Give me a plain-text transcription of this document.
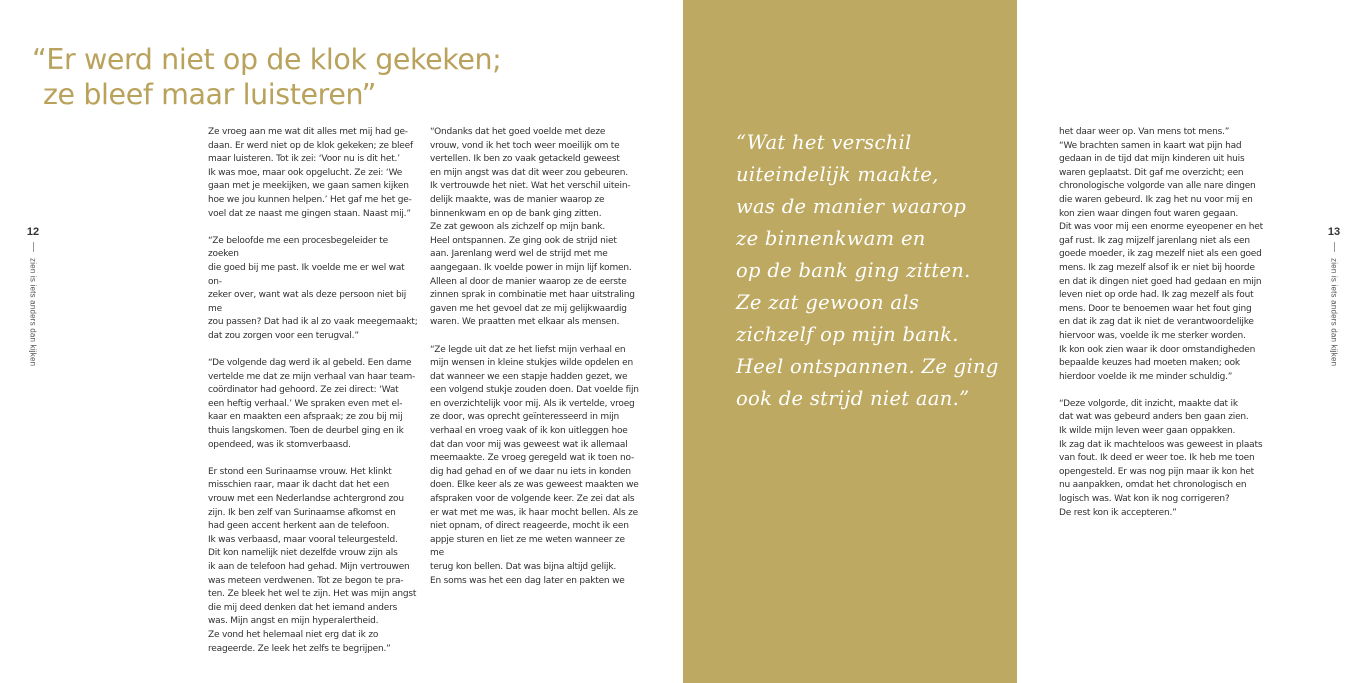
“Er werd niet op de klok gekeken;
ze bleef maar luisteren”
12
zien is iets anders dan kijken

Ze vroeg aan me wat dit alles met mij had ge-
daan. Er werd niet op de klok gekeken; ze bleef
maar luisteren. Tot ik zei: ‘Voor nu is dit het.’
Ik was moe, maar ook opgelucht. Ze zei: ‘We
gaan met je meekijken, we gaan samen kijken
hoe we jou kunnen helpen.’ Het gaf me het ge-
voel dat ze naast me gingen staan. Naast mij.”

“Ze beloofde me een procesbegeleider te zoeken
die goed bij me past. Ik voelde me er wel wat on-
zeker over, want wat als deze persoon niet bij me
zou passen? Dat had ik al zo vaak meegemaakt;
dat zou zorgen voor een terugval.”

“De volgende dag werd ik al gebeld. Een dame
vertelde me dat ze mijn verhaal van haar team-
coördinator had gehoord. Ze zei direct: ‘Wat
een heftig verhaal.’ We spraken even met el-
kaar en maakten een afspraak; ze zou bij mij
thuis langskomen. Toen de deurbel ging en ik
opendeed, was ik stomverbaasd.

Er stond een Surinaamse vrouw. Het klinkt
misschien raar, maar ik dacht dat het een
vrouw met een Nederlandse achtergrond zou
zijn. Ik ben zelf van Surinaamse afkomst en
had geen accent herkent aan de telefoon.
Ik was verbaasd, maar vooral teleurgesteld.
Dit kon namelijk niet dezelfde vrouw zijn als
ik aan de telefoon had gehad. Mijn vertrouwen
was meteen verdwenen. Tot ze begon te pra-
ten. Ze bleek het wel te zijn. Het was mijn angst
die mij deed denken dat het iemand anders
was. Mijn angst en mijn hyperalertheid.
Ze vond het helemaal niet erg dat ik zo
reageerde. Ze leek het zelfs te begrijpen.”

“Ondanks dat het goed voelde met deze
vrouw, vond ik het toch weer moeilijk om te
vertellen. Ik ben zo vaak getackeld geweest
en mijn angst was dat dit weer zou gebeuren.
Ik vertrouwde het niet. Wat het verschil uitein-
delijk maakte, was de manier waarop ze
binnenkwam en op de bank ging zitten.
Ze zat gewoon als zichzelf op mijn bank.
Heel ontspannen. Ze ging ook de strijd niet
aan. Jarenlang werd wel de strijd met me
aangegaan. Ik voelde power in mijn lijf komen.
Alleen al door de manier waarop ze de eerste
zinnen sprak in combinatie met haar uitstraling
gaven me het gevoel dat ze mij gelijkwaardig
waren. We praatten met elkaar als mensen.

“Ze legde uit dat ze het liefst mijn verhaal en
mijn wensen in kleine stukjes wilde opdelen en
dat wanneer we een stapje hadden gezet, we
een volgend stukje zouden doen. Dat voelde fijn
en overzichtelijk voor mij. Als ik vertelde, vroeg
ze door, was oprecht geïnteresseerd in mijn
verhaal en vroeg vaak of ik kon uitleggen hoe
dat dan voor mij was geweest wat ik allemaal
meemaakte. Ze vroeg geregeld wat ik toen no-
dig had gehad en of we daar nu iets in konden
doen. Elke keer als ze was geweest maakten we
afspraken voor de volgende keer. Ze zei dat als
er wat met me was, ik haar mocht bellen. Als ze
niet opnam, of direct reageerde, mocht ik een
appje sturen en liet ze me weten wanneer ze me
terug kon bellen. Dat was bijna altijd gelijk.
En soms was het een dag later en pakten we

“Wat het verschil
uiteindelijk maakte,
was de manier waarop
ze binnenkwam en
op de bank ging zitten.
Ze zat gewoon als
zichzelf op mijn bank.
Heel ontspannen. Ze ging
ook de strijd niet aan.”

het daar weer op. Van mens tot mens.”
“We brachten samen in kaart wat pijn had
gedaan in de tijd dat mijn kinderen uit huis
waren geplaatst. Dit gaf me overzicht; een
chronologische volgorde van alle nare dingen
die waren gebeurd. Ik zag het nu voor mij en
kon zien waar dingen fout waren gegaan.
Dit was voor mij een enorme eyeopener en het
gaf rust. Ik zag mijzelf jarenlang niet als een
goede moeder, ik zag mezelf niet als een goed
mens. Ik zag mezelf alsof ik er niet bij hoorde
en dat ik dingen niet goed had gedaan en mijn
leven niet op orde had. Ik zag mezelf als fout
mens. Door te benoemen waar het fout ging
en dat ik zag dat ik niet de verantwoordelijke
hiervoor was, voelde ik me sterker worden.
Ik kon ook zien waar ik door omstandigheden
bepaalde keuzes had moeten maken; ook
hierdoor voelde ik me minder schuldig.”

“Deze volgorde, dit inzicht, maakte dat ik
dat wat was gebeurd anders ben gaan zien.
Ik wilde mijn leven weer gaan oppakken.
Ik zag dat ik machteloos was geweest in plaats
van fout. Ik deed er weer toe. Ik heb me toen
opengesteld. Er was nog pijn maar ik kon het
nu aanpakken, omdat het chronologisch en
logisch was. Wat kon ik nog corrigeren?
De rest kon ik accepteren.”

13
zien is iets anders dan kijken
